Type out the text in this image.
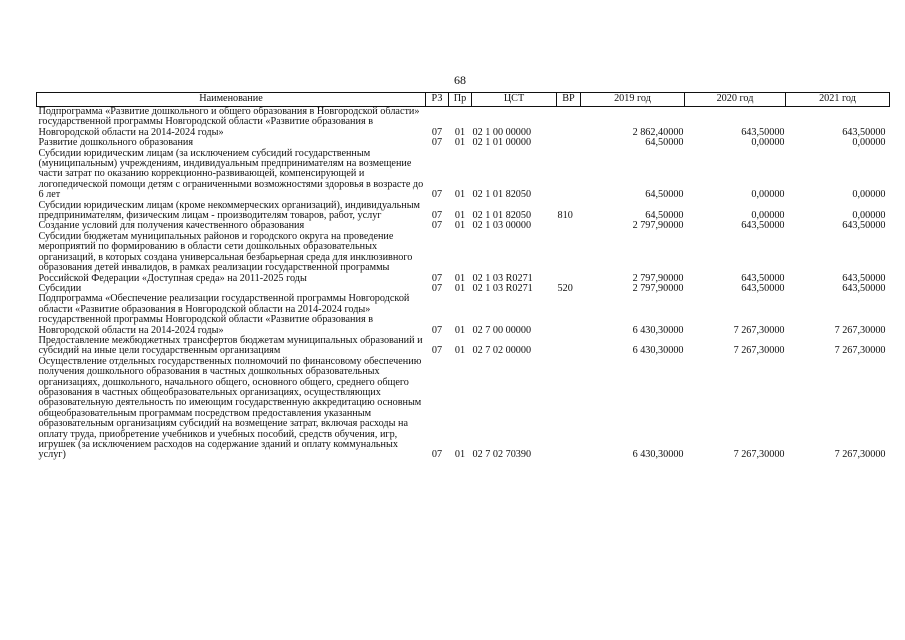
68
Наименование	РЗ	Пр	ЦСТ	ВР	2019 год	2020 год	2021 год
Подпрограмма «Развитие дошкольного и общего образования в Новгородской области» государственной программы Новгородской области «Развитие образования в Новгородской области на 2014-2024 годы»	07	01	02 1 00 00000		2 862,40000	643,50000	643,50000
Развитие дошкольного образования	07	01	02 1 01 00000		64,50000	0,00000	0,00000
Субсидии юридическим лицам (за исключением субсидий государственным (муниципальным) учреждениям, индивидуальным предпринимателям на возмещение части затрат по оказанию коррекционно-развивающей, компенсирующей и логопедической помощи детям с ограниченными возможностями здоровья в возрасте до 6 лет	07	01	02 1 01 82050		64,50000	0,00000	0,00000
Субсидии юридическим лицам (кроме некоммерческих организаций), индивидуальным предпринимателям, физическим лицам - производителям товаров, работ, услуг	07	01	02 1 01 82050	810	64,50000	0,00000	0,00000
Создание условий для получения качественного образования	07	01	02 1 03 00000		2 797,90000	643,50000	643,50000
Субсидии бюджетам муниципальных районов и городского округа на проведение мероприятий по формированию в области сети дошкольных образовательных организаций, в которых создана универсальная безбарьерная среда для инклюзивного образования детей инвалидов, в рамках реализации государственной программы Российской Федерации «Доступная среда» на 2011-2025 годы	07	01	02 1 03 R0271		2 797,90000	643,50000	643,50000
Субсидии	07	01	02 1 03 R0271	520	2 797,90000	643,50000	643,50000
Подпрограмма «Обеспечение реализации государственной программы Новгородской области «Развитие образования в Новгородской области на 2014-2024 годы» государственной программы Новгородской области «Развитие образования в Новгородской области на 2014-2024 годы»	07	01	02 7 00 00000		6 430,30000	7 267,30000	7 267,30000
Предоставление межбюджетных трансфертов бюджетам муниципальных образований и субсидий на иные цели государственным организациям	07	01	02 7 02 00000		6 430,30000	7 267,30000	7 267,30000
Осуществление отдельных государственных полномочий по финансовому обеспечению получения дошкольного образования в частных дошкольных образовательных организациях, дошкольного, начального общего, основного общего, среднего общего образования в частных общеобразовательных организациях, осуществляющих образовательную деятельность по имеющим государственную аккредитацию основным общеобразовательным программам посредством предоставления указанным образовательным организациям субсидий на возмещение затрат, включая расходы на оплату труда, приобретение учебников и учебных пособий, средств обучения, игр, игрушек (за исключением расходов на содержание зданий и оплату коммунальных услуг)	07	01	02 7 02 70390		6 430,30000	7 267,30000	7 267,30000
